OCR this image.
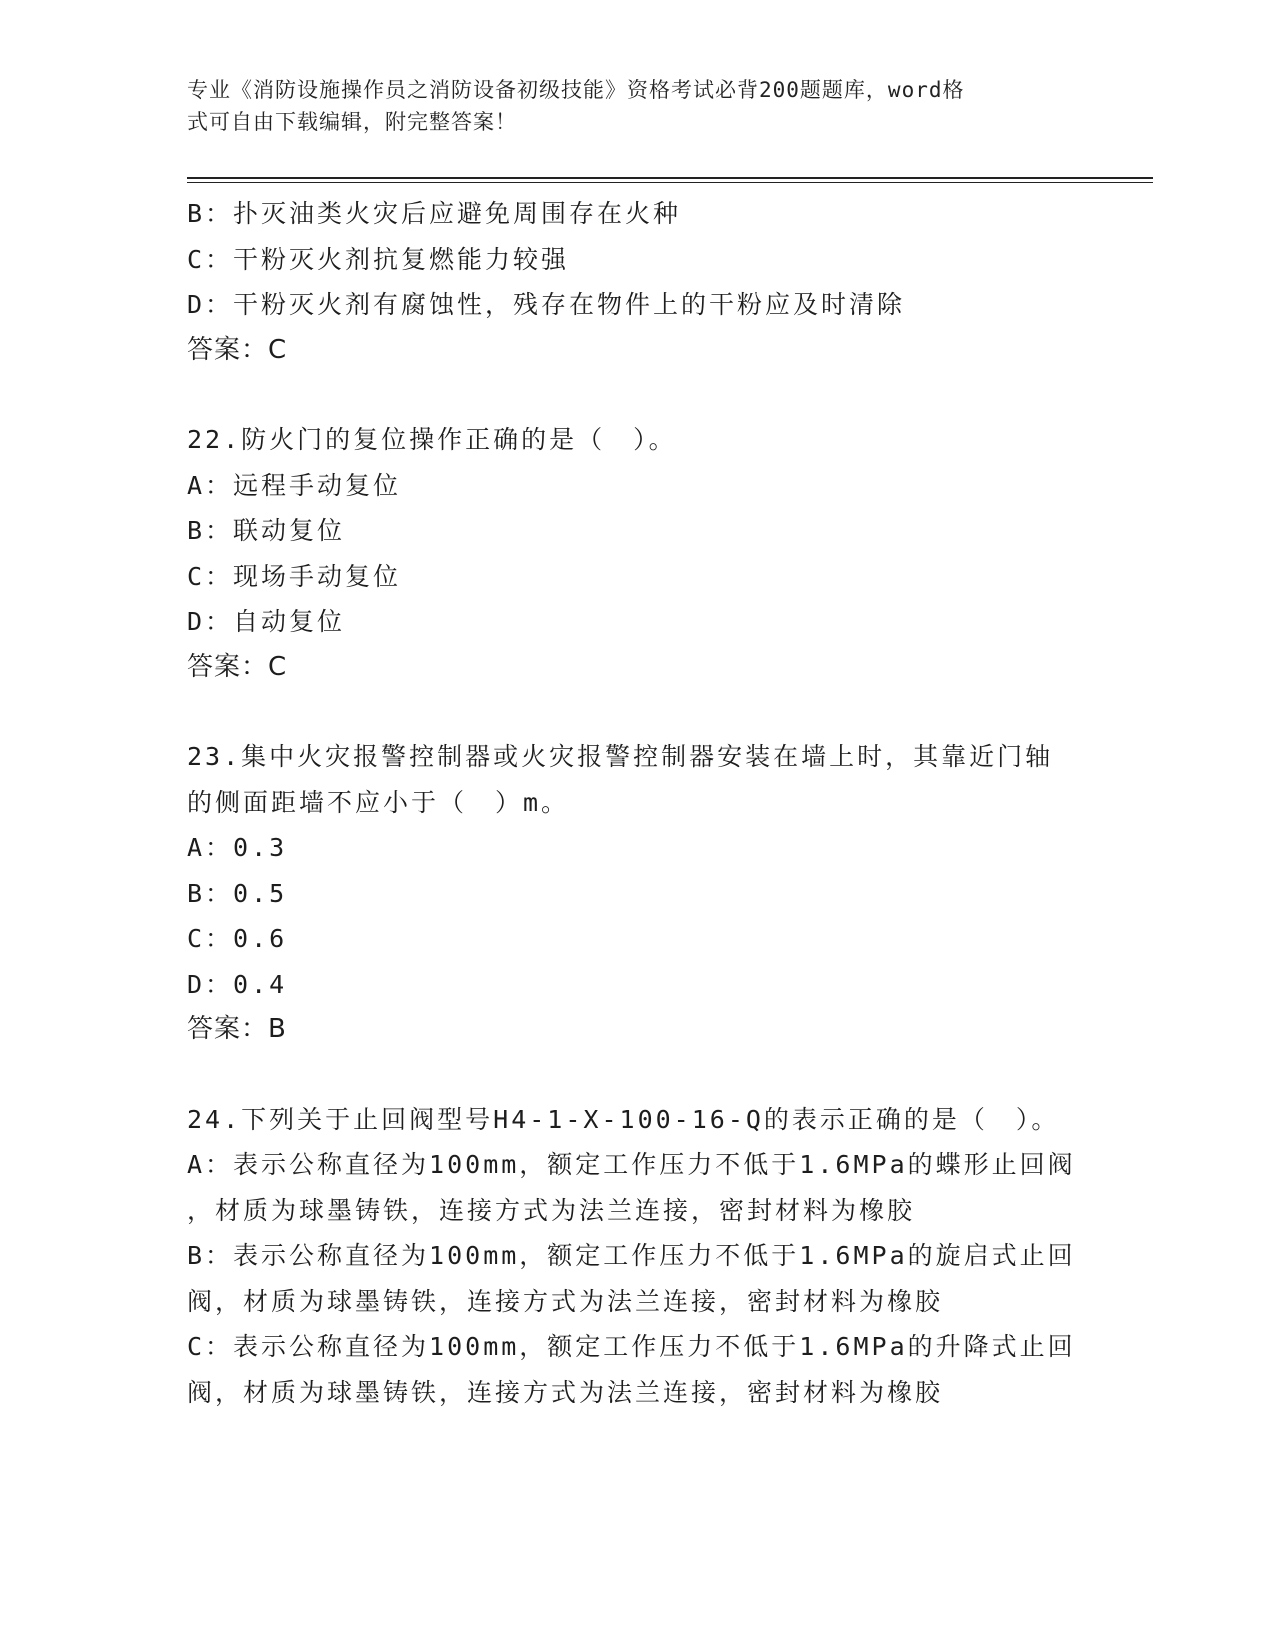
专业《消防设施操作员之消防设备初级技能》资格考试必背200题题库，word格
式可自由下载编辑，附完整答案！
B：扑灭油类火灾后应避免周围存在火种
C：干粉灭火剂抗复燃能力较强
D：干粉灭火剂有腐蚀性，残存在物件上的干粉应及时清除
答案：C
22.防火门的复位操作正确的是（　）。
A：远程手动复位
B：联动复位
C：现场手动复位
D：自动复位
答案：C
23.集中火灾报警控制器或火灾报警控制器安装在墙上时，其靠近门轴
的侧面距墙不应小于（　）m。
A：0.3
B：0.5
C：0.6
D：0.4
答案：B
24.下列关于止回阀型号H4-1-X-100-16-Q的表示正确的是（　）。
A：表示公称直径为100mm，额定工作压力不低于1.6MPa的蝶形止回阀
，材质为球墨铸铁，连接方式为法兰连接，密封材料为橡胶
B：表示公称直径为100mm，额定工作压力不低于1.6MPa的旋启式止回
阀，材质为球墨铸铁，连接方式为法兰连接，密封材料为橡胶
C：表示公称直径为100mm，额定工作压力不低于1.6MPa的升降式止回
阀，材质为球墨铸铁，连接方式为法兰连接，密封材料为橡胶
